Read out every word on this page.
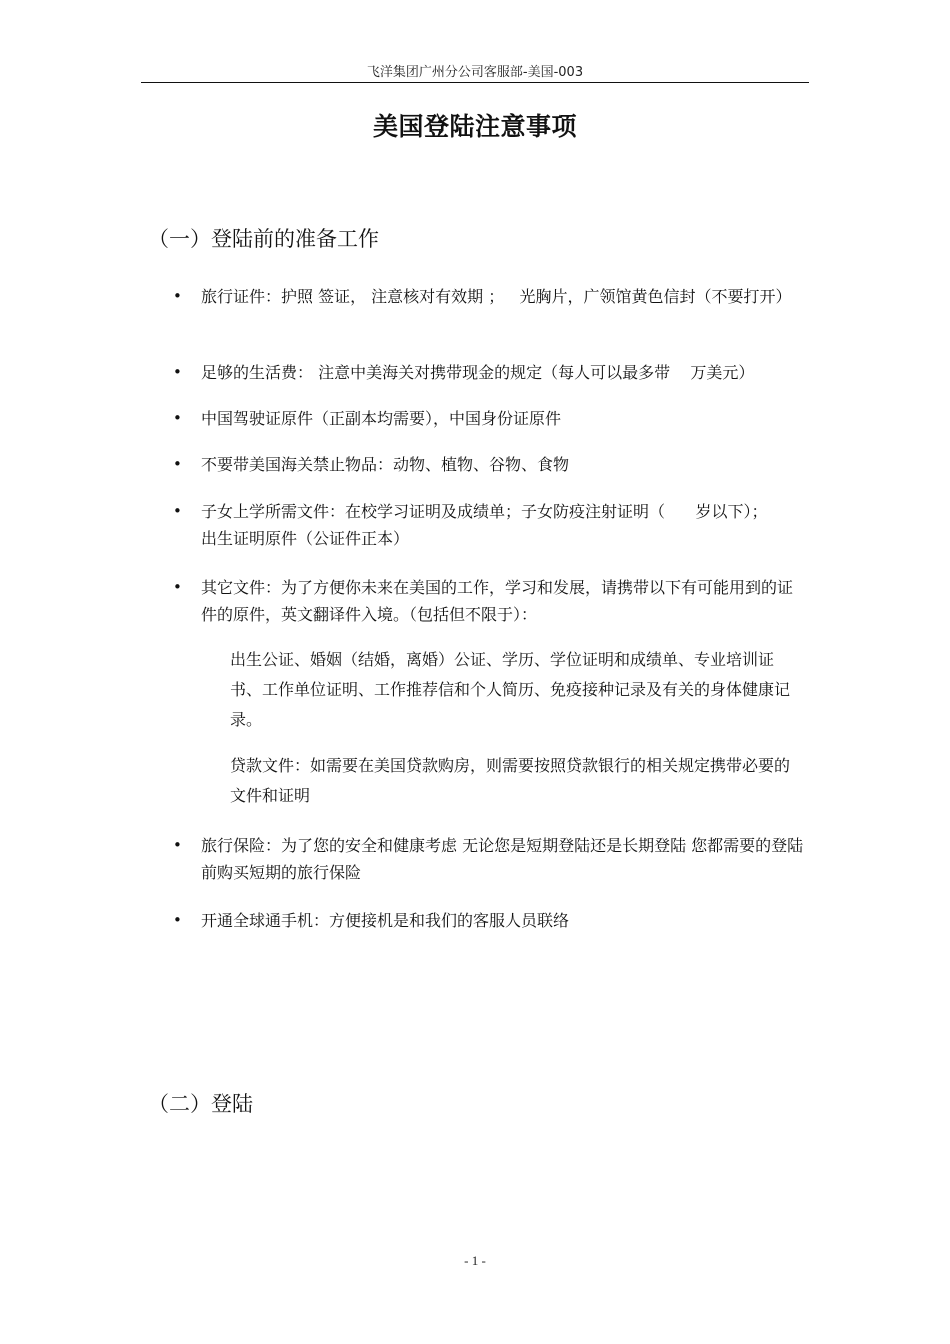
飞洋集团广州分公司客服部-美国-003
美国登陆注意事项
（一）登陆前的准备工作
• 旅行证件：护照 签证， 注意核对有效期 ；   光胸片，广领馆黄色信封（不要打开）
• 足够的生活费： 注意中美海关对携带现金的规定（每人可以最多带    万美元）
• 中国驾驶证原件（正副本均需要），中国身份证原件
• 不要带美国海关禁止物品：动物、植物、谷物、食物
• 子女上学所需文件：在校学习证明及成绩单；子女防疫注射证明（      岁以下）；出生证明原件（公证件正本）
• 其它文件：为了方便你未来在美国的工作，学习和发展，请携带以下有可能用到的证件的原件，英文翻译件入境。（包括但不限于）：
出生公证、婚姻（结婚，离婚）公证、学历、学位证明和成绩单、专业培训证书、工作单位证明、工作推荐信和个人简历、免疫接种记录及有关的身体健康记录。
贷款文件：如需要在美国贷款购房，则需要按照贷款银行的相关规定携带必要的文件和证明
• 旅行保险：为了您的安全和健康考虑 无论您是短期登陆还是长期登陆 您都需要的登陆前购买短期的旅行保险
• 开通全球通手机：方便接机是和我们的客服人员联络
（二）登陆
- 1 -
